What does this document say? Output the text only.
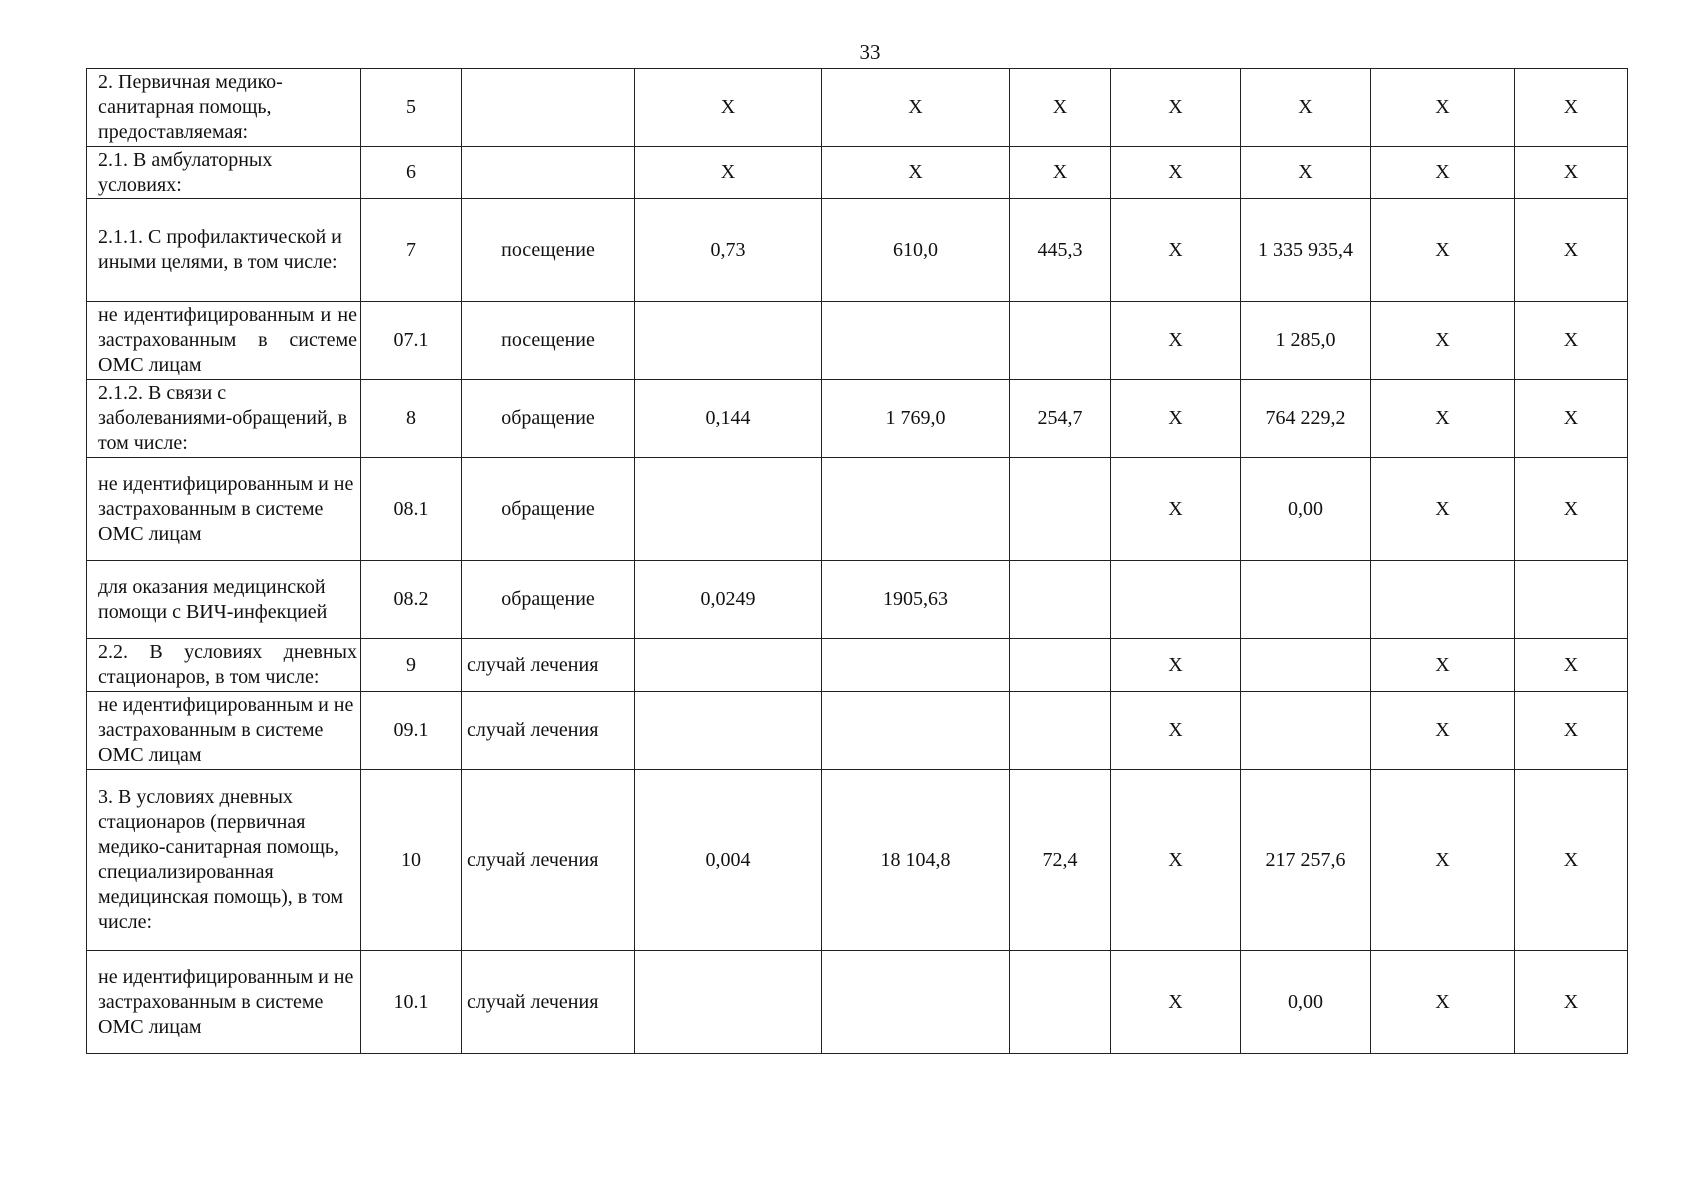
33
2. Первичная медико-санитарная помощь, предоставляемая:	5		X	X	X	X	X	X	X
2.1. В амбулаторных условиях:	6		X	X	X	X	X	X	X
2.1.1. С профилактической и иными целями, в том числе:	7	посещение	0,73	610,0	445,3	X	1 335 935,4	X	X
не идентифицированным и не застрахованным в системе ОМС лицам	07.1	посещение				X	1 285,0	X	X
2.1.2. В связи с заболеваниями-обращений, в том числе:	8	обращение	0,144	1 769,0	254,7	X	764 229,2	X	X
не идентифицированным и не застрахованным в системе ОМС лицам	08.1	обращение				X	0,00	X	X
для оказания медицинской помощи с ВИЧ-инфекцией	08.2	обращение	0,0249	1905,63					
2.2. В условиях дневных стационаров, в том числе:	9	случай лечения				X		X	X
не идентифицированным и не застрахованным в системе ОМС лицам	09.1	случай лечения				X		X	X
3. В условиях дневных стационаров (первичная медико-санитарная помощь, специализированная медицинская помощь), в том числе:	10	случай лечения	0,004	18 104,8	72,4	X	217 257,6	X	X
не идентифицированным и не застрахованным в системе ОМС лицам	10.1	случай лечения				X	0,00	X	X
